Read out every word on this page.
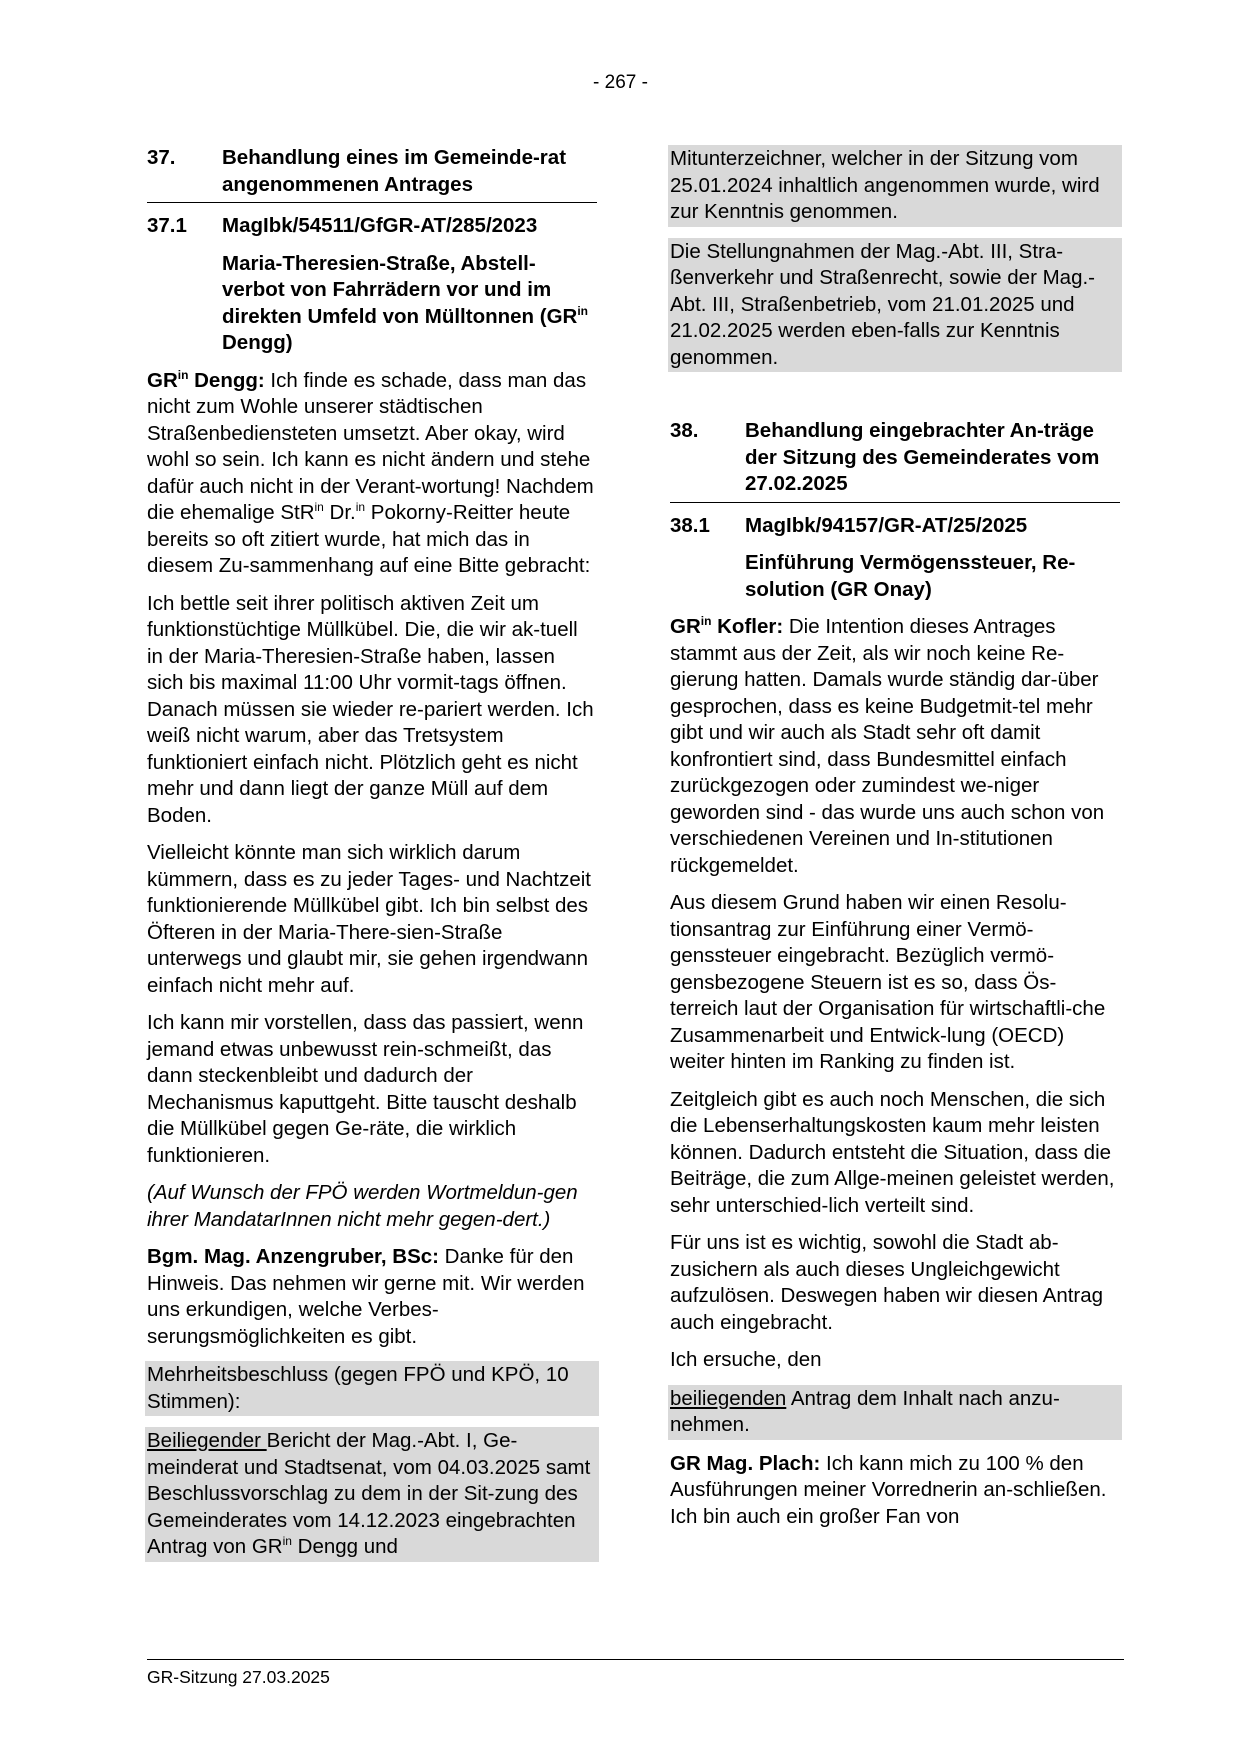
- 267 -
37.	Behandlung eines im Gemeinde-rat angenommenen Antrages
37.1	MagIbk/54511/GfGR-AT/285/2023
Maria-Theresien-Straße, Abstell-verbot von Fahrrädern vor und im direkten Umfeld von Mülltonnen ($GR^{in}$ Dengg)

$GR^{in}$ Dengg: Ich finde es schade, dass man das nicht zum Wohle unserer städtischen Straßenbediensteten umsetzt. Aber okay, wird wohl so sein. Ich kann es nicht ändern und stehe dafür auch nicht in der Verant-wortung! Nachdem die ehemalige StR$^{in}$ Dr.$^{in}$ Pokorny-Reitter heute bereits so oft zitiert wurde, hat mich das in diesem Zu-sammenhang auf eine Bitte gebracht:

Ich bettle seit ihrer politisch aktiven Zeit um funktionstüchtige Müllkübel. Die, die wir ak-tuell in der Maria-Theresien-Straße haben, lassen sich bis maximal 11:00 Uhr vormit-tags öffnen. Danach müssen sie wieder re-pariert werden. Ich weiß nicht warum, aber das Tretsystem funktioniert einfach nicht. Plötzlich geht es nicht mehr und dann liegt der ganze Müll auf dem Boden.

Vielleicht könnte man sich wirklich darum kümmern, dass es zu jeder Tages- und Nachtzeit funktionierende Müllkübel gibt. Ich bin selbst des Öfteren in der Maria-There-sien-Straße unterwegs und glaubt mir, sie gehen irgendwann einfach nicht mehr auf.

Ich kann mir vorstellen, dass das passiert, wenn jemand etwas unbewusst rein-schmeißt, das dann steckenbleibt und dadurch der Mechanismus kaputtgeht. Bitte tauscht deshalb die Müllkübel gegen Ge-räte, die wirklich funktionieren.

(Auf Wunsch der FPÖ werden Wortmeldun-gen ihrer MandatarInnen nicht mehr gegen-dert.)

Bgm. Mag. Anzengruber, BSc: Danke für den Hinweis. Das nehmen wir gerne mit. Wir werden uns erkundigen, welche Verbes-serungsmöglichkeiten es gibt.

Mehrheitsbeschluss (gegen FPÖ und KPÖ, 10 Stimmen):

Beiliegender Bericht der Mag.-Abt. I, Ge-meinderat und Stadtsenat, vom 04.03.2025 samt Beschlussvorschlag zu dem in der Sit-zung des Gemeinderates vom 14.12.2023 eingebrachten Antrag von $GR^{in}$ Dengg und

Mitunterzeichner, welcher in der Sitzung vom 25.01.2024 inhaltlich angenommen wurde, wird zur Kenntnis genommen.

Die Stellungnahmen der Mag.-Abt. III, Stra-ßenverkehr und Straßenrecht, sowie der Mag.-Abt. III, Straßenbetrieb, vom 21.01.2025 und 21.02.2025 werden eben-falls zur Kenntnis genommen.

38.	Behandlung eingebrachter An-träge der Sitzung des Gemeinderates vom 27.02.2025
38.1	MagIbk/94157/GR-AT/25/2025
Einführung Vermögenssteuer, Re-solution (GR Onay)

$GR^{in}$ Kofler: Die Intention dieses Antrages stammt aus der Zeit, als wir noch keine Re-gierung hatten. Damals wurde ständig dar-über gesprochen, dass es keine Budgetmit-tel mehr gibt und wir auch als Stadt sehr oft damit konfrontiert sind, dass Bundesmittel einfach zurückgezogen oder zumindest we-niger geworden sind - das wurde uns auch schon von verschiedenen Vereinen und In-stitutionen rückgemeldet.

Aus diesem Grund haben wir einen Resolu-tionsantrag zur Einführung einer Vermö-genssteuer eingebracht. Bezüglich vermö-gensbezogene Steuern ist es so, dass Ös-terreich laut der Organisation für wirtschaftli-che Zusammenarbeit und Entwick-lung (OECD) weiter hinten im Ranking zu finden ist.

Zeitgleich gibt es auch noch Menschen, die sich die Lebenserhaltungskosten kaum mehr leisten können. Dadurch entsteht die Situation, dass die Beiträge, die zum Allge-meinen geleistet werden, sehr unterschied-lich verteilt sind.

Für uns ist es wichtig, sowohl die Stadt ab-zusichern als auch dieses Ungleichgewicht aufzulösen. Deswegen haben wir diesen Antrag auch eingebracht.

Ich ersuche, den

beiliegenden Antrag dem Inhalt nach anzu-nehmen.

GR Mag. Plach: Ich kann mich zu 100 % den Ausführungen meiner Vorrednerin an-schließen. Ich bin auch ein großer Fan von

GR-Sitzung 27.03.2025
